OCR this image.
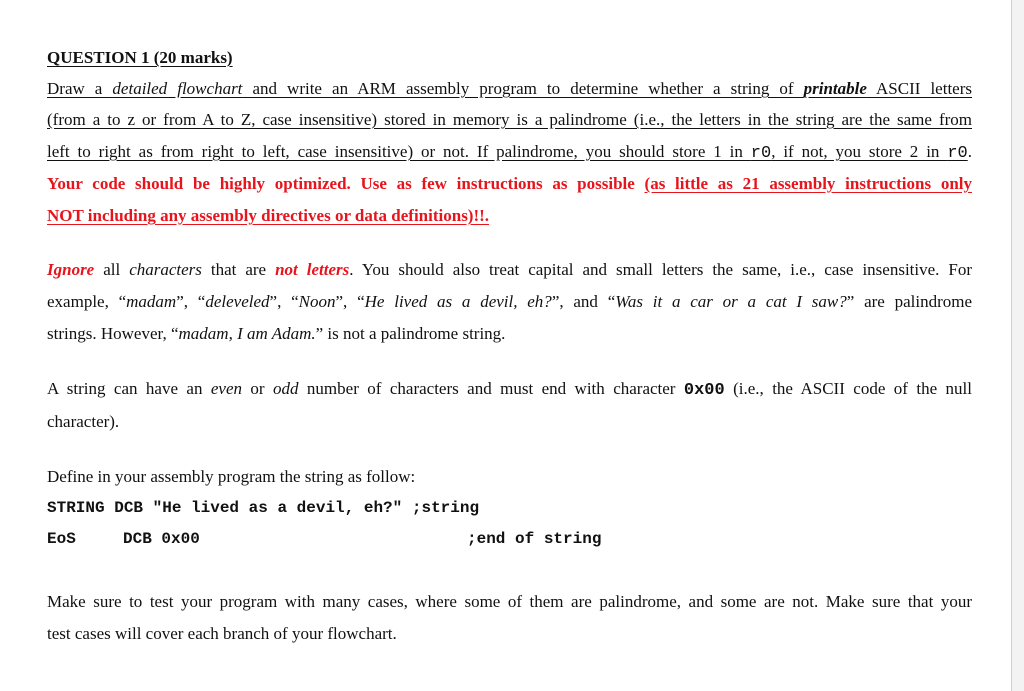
QUESTION 1 (20 marks)
Draw a detailed flowchart and write an ARM assembly program to determine whether a string of printable ASCII letters
(from a to z or from A to Z, case insensitive) stored in memory is a palindrome (i.e., the letters in the string are the same from
left to right as from right to left, case insensitive) or not. If palindrome, you should store 1 in r0, if not, you store 2 in r0.
Your code should be highly optimized. Use as few instructions as possible (as little as 21 assembly instructions only
NOT including any assembly directives or data definitions)!!.
Ignore all characters that are not letters. You should also treat capital and small letters the same, i.e., case insensitive. For
example, “madam”, “deleveled”, “Noon”, “He lived as a devil, eh?”, and “Was it a car or a cat I saw?” are palindrome
strings. However, “madam, I am Adam.” is not a palindrome string.
A string can have an even or odd number of characters and must end with character 0x00 (i.e., the ASCII code of the null
character).
Define in your assembly program the string as follow:
STRING DCB "He lived as a devil, eh?" ;string
EoS	DCB 0x00	;end of string
Make sure to test your program with many cases, where some of them are palindrome, and some are not. Make sure that your
test cases will cover each branch of your flowchart.
